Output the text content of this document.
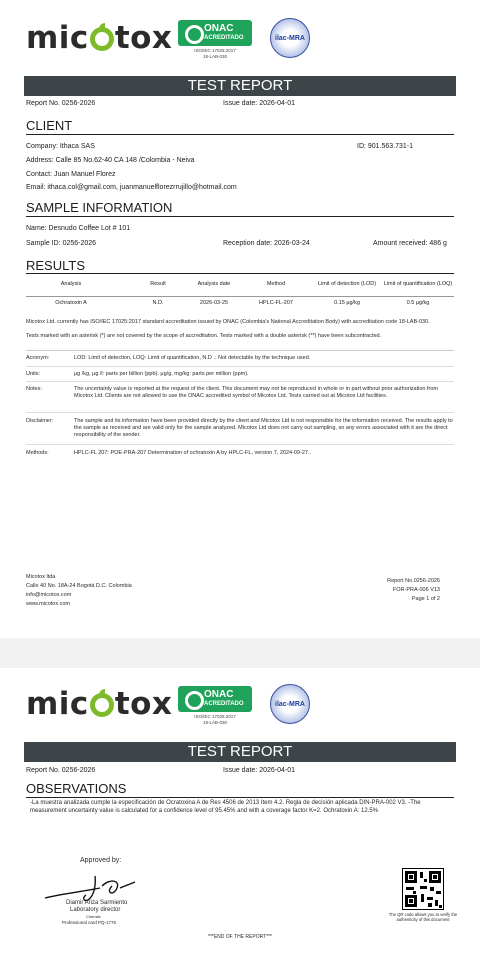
mic tox	ONAC
ACREDITADO
ISO/IEC 17025:2017
18-LAB-030
ilac-MRA
TEST REPORT
Report No. 0256-2026	Issue date: 2026-04-01
CLIENT
Company: Ithaca SAS	ID: 901.563.731-1
Address: Calle 85 No.62-40 CA 148 /Colombia - Neiva
Contact: Juan Manuel Florez
Email: ithaca.col@gmail.com, juanmanuelflorezrrujillo@hotmail.com
SAMPLE INFORMATION
Name: Desnudo Coffee Lot # 101
Sample ID: 0256-2026	Reception date: 2026-03-24	Amount received: 486 g
RESULTS
Analysis	Result	Analysis date	Method	Limit of detection (LOD)	Limit of quantification (LOQ)
Ochratoxin A	N.D.	2026-03-25	HPLC-FL-207	0.15 µg/kg	0.5 µg/kg
Micotox Ltd. currently has ISO/IEC 17025:2017 standard accreditation issued by ONAC (Colombia's National Accreditation Body) with accreditation code 18-LAB-030.
Tests marked with an asterisk (*) are not covered by the scope of accreditation. Tests marked with a double asterisk (**) have been subcontracted.
Acronym:	LOD: Limit of detection, LOQ: Limit of quantification, N.D .: Not detectable by the technique used.
Units:	µg /kg, µg /l: parts per billion (ppb). µg/g, mg/kg: parts per million (ppm).
Notes:	The uncertainty value is reported at the request of the client. This document may not be reproduced in whole or in part without prior authorization from Micotox Ltd. Clients are not allowed to use the ONAC accredited symbol of Micotox Ltd. Tests carried out at Micotox Ltd facilities.
Disclaimer:	The sample and its information have been provided directly by the client and Micotox Ltd is not responsible for the information received. The results apply to the sample as received and are valid only for the sample analyzed. Micotox Ltd does not carry out sampling, so any errors associated with it are the direct responsibility of the sender.
Methods:	HPLC-FL 207: POE-PRA-207 Determination of ochratoxin A by HPLC-FL, version 7, 2024-09-27..
Micotox ltda
Calle 40 No. 18A-24 Bogotá D.C. Colombia
info@micotox.com
www.micotox.com
Report No.0256-2026
FOR-PRA-006 V13
Page 1 of 2
mic tox	ONAC
ACREDITADO
ISO/IEC 17025:2017
18-LAB-030
ilac-MRA
TEST REPORT
Report No. 0256-2026	Issue date: 2026-04-01
OBSERVATIONS
-La muestra analizada cumple la especificación de Ocratoxina A de Res 4506 de 2013 Item 4.2. Regla de decisión aplicada DIN-PRA-002 V3. -The measurement uncertainty value is calculated for a confidence level of 95.45% and with a coverage factor K=2. Ochratoxin A: 12.5%
Approved by:
Diamir Ariza Sarmiento
Laboratory director
Chemist
Professional card PQ-1776
The QR code allows you to verify the authenticity of this document
***END OF THE REPORT***
